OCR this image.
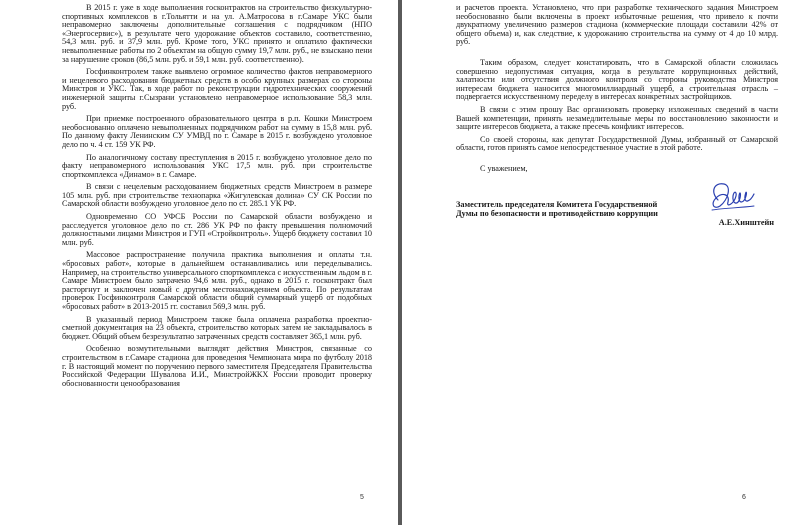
В 2015 г. уже в ходе выполнения госконтрактов на строительство физкультурно-спортивных комплексов в г.Тольятти и на ул. А.Матросова в г.Самаре УКС были неправомерно заключены дополнительные соглашения с подрядчиком (НПО «Энергосервис»), в результате чего удорожание объектов составило, соответственно, 54,3 млн. руб. и 37,9 млн. руб. Кроме того, УКС принято и оплатило фактически невыполненные работы по 2 объектам на общую сумму 19,7 млн. руб., не взыскано пени за нарушение сроков (86,5 млн. руб. и 59,1 млн. руб. соответственно).

Госфинконтролем также выявлено огромное количество фактов неправомерного и нецелевого расходования бюджетных средств в особо крупных размерах со стороны Минстроя и УКС. Так, в ходе работ по реконструкции гидротехнических сооружений инженерной защиты г.Сызрани установлено неправомерное использование 58,3 млн. руб.

При приемке построенного образовательного центра в р.п. Кошки Минстроем необоснованно оплачено невыполненных подрядчиком работ на сумму в 15,8 млн. руб. По данному факту Ленинским СУ УМВД по г. Самаре в 2015 г. возбуждено уголовное дело по ч. 4 ст. 159 УК РФ.

По аналогичному составу преступления в 2015 г. возбуждено уголовное дело по факту неправомерного использования УКС 17,5 млн. руб. при строительстве спорткомплекса «Динамо» в г. Самаре.

В связи с нецелевым расходованием бюджетных средств Минстроем в размере 105 млн. руб. при строительстве технопарка «Жигулевская долина» СУ СК России по Самарской области возбуждено уголовное дело по ст. 285.1 УК РФ.

Одновременно СО УФСБ России по Самарской области возбуждено и расследуется уголовное дело по ст. 286 УК РФ по факту превышения полномочий должностными лицами Минстроя и ГУП «Стройконтроль». Ущерб бюджету составил 10 млн. руб.

Массовое распространение получила практика выполнения и оплаты т.н. «бросовых работ», которые в дальнейшем останавливались или переделывались. Например, на строительство универсального спорткомплекса с искусственным льдом в г. Самаре Минстроем было затрачено 94,6 млн. руб., однако в 2015 г. госконтракт был расторгнут и заключен новый с другим местонахождением объекта. По результатам проверок Госфинконтроля Самарской области общий суммарный ущерб от подобных «бросовых работ» в 2013-2015 гг. составил 569,3 млн. руб.

В указанный период Минстроем также была оплачена разработка проектно-сметной документация на 23 объекта, строительство которых затем не закладывалось в бюджет. Общий объем безрезультатно затраченных средств составляет 365,1 млн. руб.

Особенно возмутительными выглядят действия Минстроя, связанные со строительством в г.Самаре стадиона для проведения Чемпионата мира по футболу 2018 г. В настоящий момент по поручению первого заместителя Председателя Правительства Российской Федерации Шувалова И.И., МинстройЖКХ России проводит проверку обоснованности ценообразования

5

и расчетов проекта. Установлено, что при разработке технического задания Минстроем необоснованно были включены в проект избыточные решения, что привело к почти двукратному увеличению размеров стадиона (коммерческие площади составили 42% от общего объема) и, как следствие, к удорожанию строительства на сумму от 4 до 10 млрд. руб.

Таким образом, следует констатировать, что в Самарской области сложилась совершенно недопустимая ситуация, когда в результате коррупционных действий, халатности или отсутствия должного контроля со стороны руководства Минстроя интересам бюджета наносится многомиллиардный ущерб, а строительная отрасль – подвергается искусственному переделу в интересах конкретных застройщиков.

В связи с этим прошу Вас организовать проверку изложенных сведений в части Вашей компетенции, принять незамедлительные меры по восстановлению законности и защите интересов бюджета, а также пресечь конфликт интересов.

Со своей стороны, как депутат Государственной Думы, избранный от Самарской области, готов принять самое непосредственное участие в этой работе.

С уважением,

Заместитель председателя Комитета Государственной Думы по безопасности и противодействию коррупции
А.Е.Хинштейн
6
